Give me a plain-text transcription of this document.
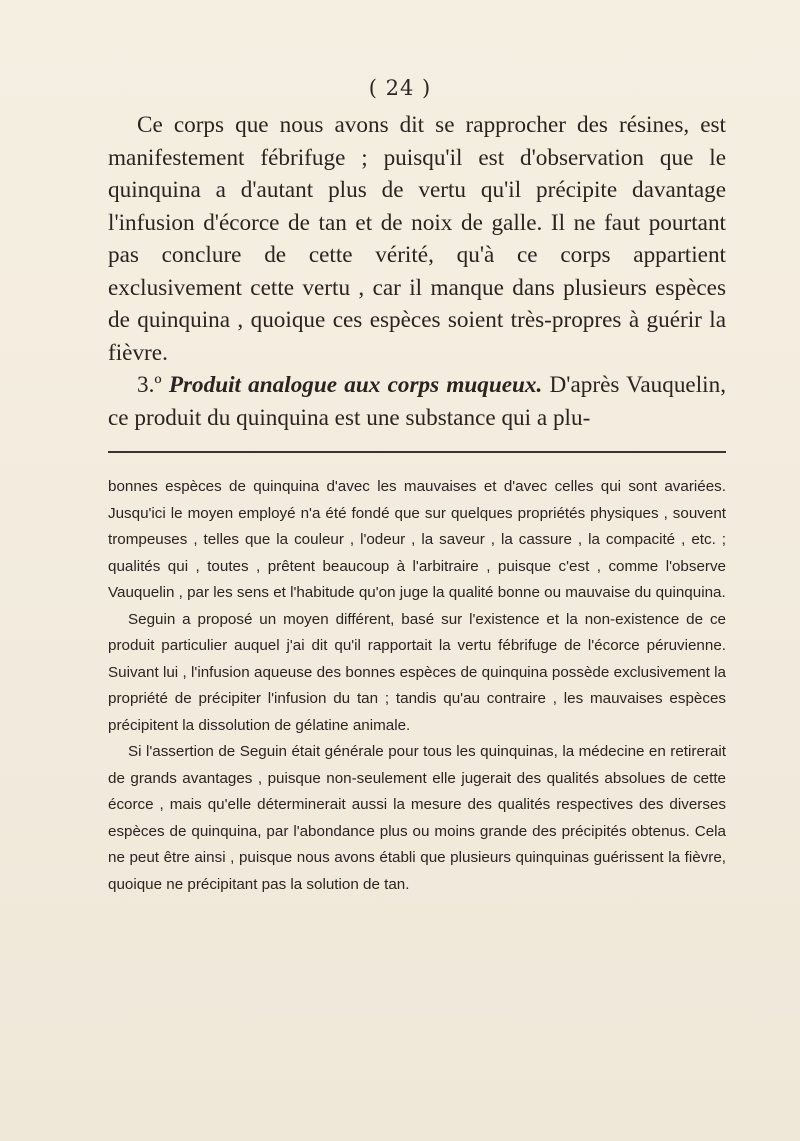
( 24 )

Ce corps que nous avons dit se rapprocher des résines, est manifestement fébrifuge ; puisqu'il est d'observation que le quinquina a d'autant plus de vertu qu'il précipite davantage l'infusion d'écorce de tan et de noix de galle. Il ne faut pourtant pas conclure de cette vérité, qu'à ce corps appartient exclusivement cette vertu , car il manque dans plusieurs espèces de quinquina , quoique ces espèces soient très-propres à guérir la fièvre.

3.º Produit analogue aux corps muqueux. D'après Vauquelin, ce produit du quinquina est une substance qui a plu-

bonnes espèces de quinquina d'avec les mauvaises et d'avec celles qui sont avariées. Jusqu'ici le moyen employé n'a été fondé que sur quelques propriétés physiques , souvent trompeuses , telles que la couleur , l'odeur , la saveur , la cassure , la compacité , etc. ; qualités qui , toutes , prêtent beaucoup à l'arbitraire , puisque c'est , comme l'observe Vauquelin , par les sens et l'habitude qu'on juge la qualité bonne ou mauvaise du quinquina.

Seguin a proposé un moyen différent, basé sur l'existence et la non-existence de ce produit particulier auquel j'ai dit qu'il rapportait la vertu fébrifuge de l'écorce péruvienne. Suivant lui , l'infusion aqueuse des bonnes espèces de quinquina possède exclusivement la propriété de précipiter l'infusion du tan ; tandis qu'au contraire , les mauvaises espèces précipitent la dissolution de gélatine animale.

Si l'assertion de Seguin était générale pour tous les quinquinas, la médecine en retirerait de grands avantages , puisque non-seulement elle jugerait des qualités absolues de cette écorce , mais qu'elle déterminerait aussi la mesure des qualités respectives des diverses espèces de quinquina, par l'abondance plus ou moins grande des précipités obtenus. Cela ne peut être ainsi , puisque nous avons établi que plusieurs quinquinas guérissent la fièvre, quoique ne précipitant pas la solution de tan.
